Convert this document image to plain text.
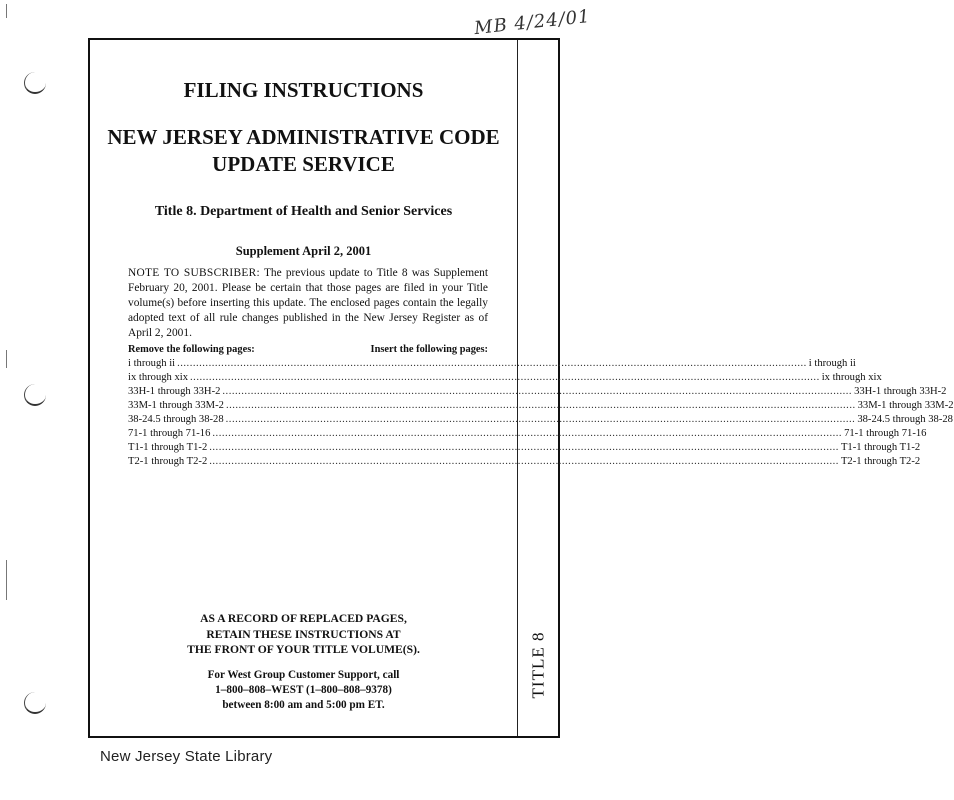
MB 4/24/01
TITLE 8
FILING INSTRUCTIONS
NEW JERSEY ADMINISTRATIVE CODE
UPDATE SERVICE
Title 8. Department of Health and Senior Services
Supplement April 2, 2001

NOTE TO SUBSCRIBER: The previous update to Title 8 was Supplement February 20, 2001. Please be certain that those pages are filed in your Title volume(s) before inserting this update. The enclosed pages contain the legally adopted text of all rule changes published in the New Jersey Register as of April 2, 2001.

Remove the following pages:	Insert the following pages:
i through ii ........................................................................................................................................................................................................ i through ii
ix through xix ........................................................................................................................................................................................................ ix through xix
33H-1 through 33H-2 ........................................................................................................................................................................................................ 33H-1 through 33H-2
33M-1 through 33M-2 ........................................................................................................................................................................................................ 33M-1 through 33M-2
38-24.5 through 38-28 ........................................................................................................................................................................................................ 38-24.5 through 38-28
71-1 through 71-16 ........................................................................................................................................................................................................ 71-1 through 71-16
T1-1 through T1-2 ........................................................................................................................................................................................................ T1-1 through T1-2
T2-1 through T2-2 ........................................................................................................................................................................................................ T2-1 through T2-2

AS A RECORD OF REPLACED PAGES,
RETAIN THESE INSTRUCTIONS AT
THE FRONT OF YOUR TITLE VOLUME(S).

For West Group Customer Support, call
1–800–808–WEST (1–800–808–9378)
between 8:00 am and 5:00 pm ET.

New Jersey State Library
